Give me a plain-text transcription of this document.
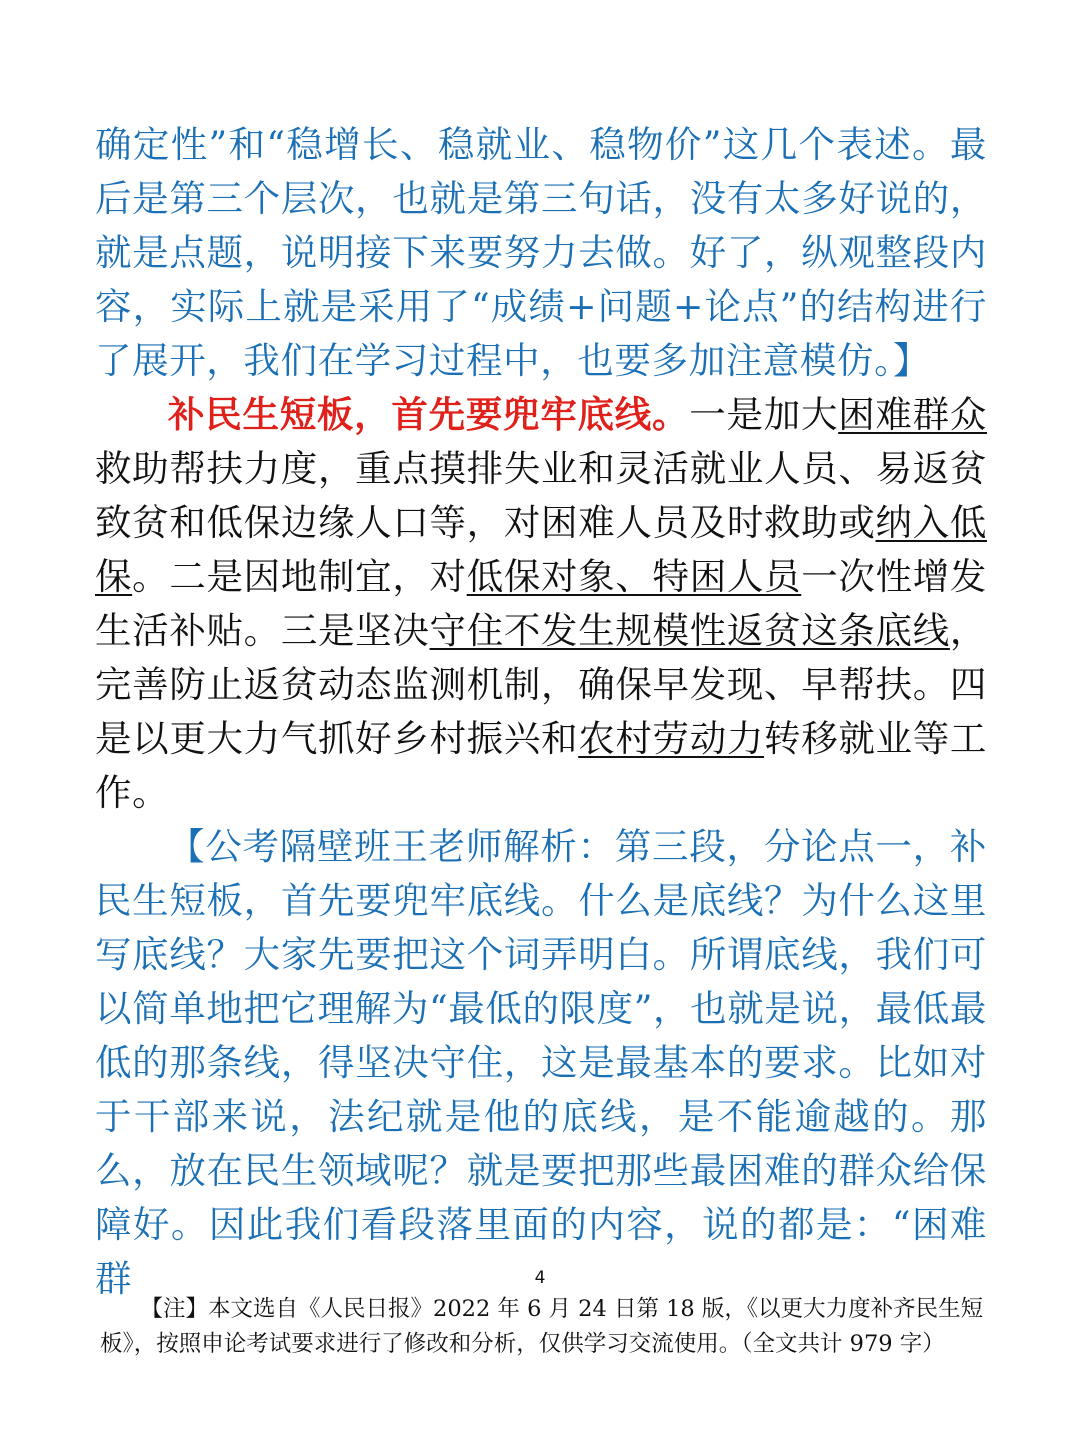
确定性”和“稳增长、稳就业、稳物价”这几个表述。最后是第三个层次，也就是第三句话，没有太多好说的，就是点题，说明接下来要努力去做。好了，纵观整段内容，实际上就是采用了“成绩+问题+论点”的结构进行了展开，我们在学习过程中，也要多加注意模仿。】

补民生短板，首先要兜牢底线。一是加大困难群众救助帮扶力度，重点摸排失业和灵活就业人员、易返贫致贫和低保边缘人口等，对困难人员及时救助或纳入低保。二是因地制宜，对低保对象、特困人员一次性增发生活补贴。三是坚决守住不发生规模性返贫这条底线，完善防止返贫动态监测机制，确保早发现、早帮扶。四是以更大力气抓好乡村振兴和农村劳动力转移就业等工作。

【公考隔壁班王老师解析：第三段，分论点一，补民生短板，首先要兜牢底线。什么是底线？为什么这里写底线？大家先要把这个词弄明白。所谓底线，我们可以简单地把它理解为“最低的限度”，也就是说，最低最低的那条线，得坚决守住，这是最基本的要求。比如对于干部来说，法纪就是他的底线，是不能逾越的。那么，放在民生领域呢？就是要把那些最困难的群众给保障好。因此我们看段落里面的内容，说的都是：“困难群	4

【注】本文选自《人民日报》2022 年 6 月 24 日第 18 版，《以更大力度补齐民生短板》，按照申论考试要求进行了修改和分析，仅供学习交流使用。（全文共计 979 字）
